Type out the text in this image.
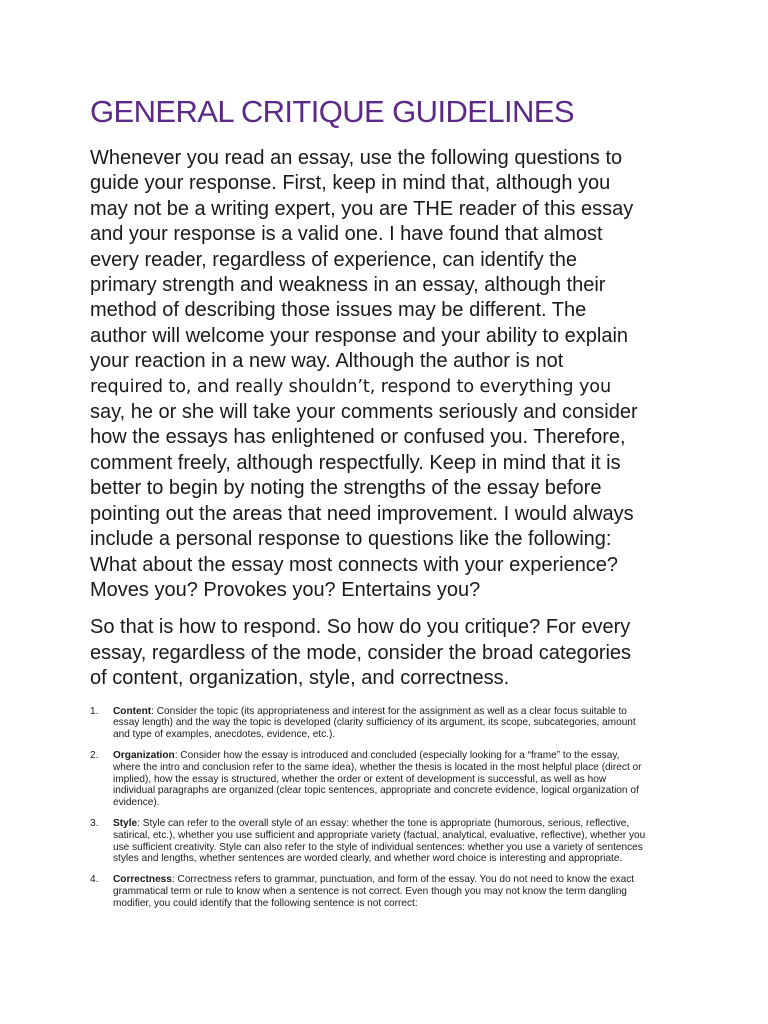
GENERAL CRITIQUE GUIDELINES

Whenever you read an essay, use the following questions to
guide your response. First, keep in mind that, although you
may not be a writing expert, you are THE reader of this essay
and your response is a valid one. I have found that almost
every reader, regardless of experience, can identify the
primary strength and weakness in an essay, although their
method of describing those issues may be different. The
author will welcome your response and your ability to explain
your reaction in a new way. Although the author is not
required to, and really shouldn’t, respond to everything you
say, he or she will take your comments seriously and consider
how the essays has enlightened or confused you. Therefore,
comment freely, although respectfully. Keep in mind that it is
better to begin by noting the strengths of the essay before
pointing out the areas that need improvement. I would always
include a personal response to questions like the following:
What about the essay most connects with your experience?
Moves you? Provokes you? Entertains you?

So that is how to respond. So how do you critique? For every
essay, regardless of the mode, consider the broad categories
of content, organization, style, and correctness.

1. Content: Consider the topic (its appropriateness and interest for the assignment as well as a clear focus suitable to
essay length) and the way the topic is developed (clarity sufficiency of its argument, its scope, subcategories, amount
and type of examples, anecdotes, evidence, etc.).
2. Organization: Consider how the essay is introduced and concluded (especially looking for a “frame” to the essay,
where the intro and conclusion refer to the same idea), whether the thesis is located in the most helpful place (direct or
implied), how the essay is structured, whether the order or extent of development is successful, as well as how
individual paragraphs are organized (clear topic sentences, appropriate and concrete evidence, logical organization of
evidence).
3. Style: Style can refer to the overall style of an essay: whether the tone is appropriate (humorous, serious, reflective,
satirical, etc.), whether you use sufficient and appropriate variety (factual, analytical, evaluative, reflective), whether you
use sufficient creativity. Style can also refer to the style of individual sentences: whether you use a variety of sentences
styles and lengths, whether sentences are worded clearly, and whether word choice is interesting and appropriate.
4. Correctness: Correctness refers to grammar, punctuation, and form of the essay. You do not need to know the exact
grammatical term or rule to know when a sentence is not correct. Even though you may not know the term dangling
modifier, you could identify that the following sentence is not correct:
